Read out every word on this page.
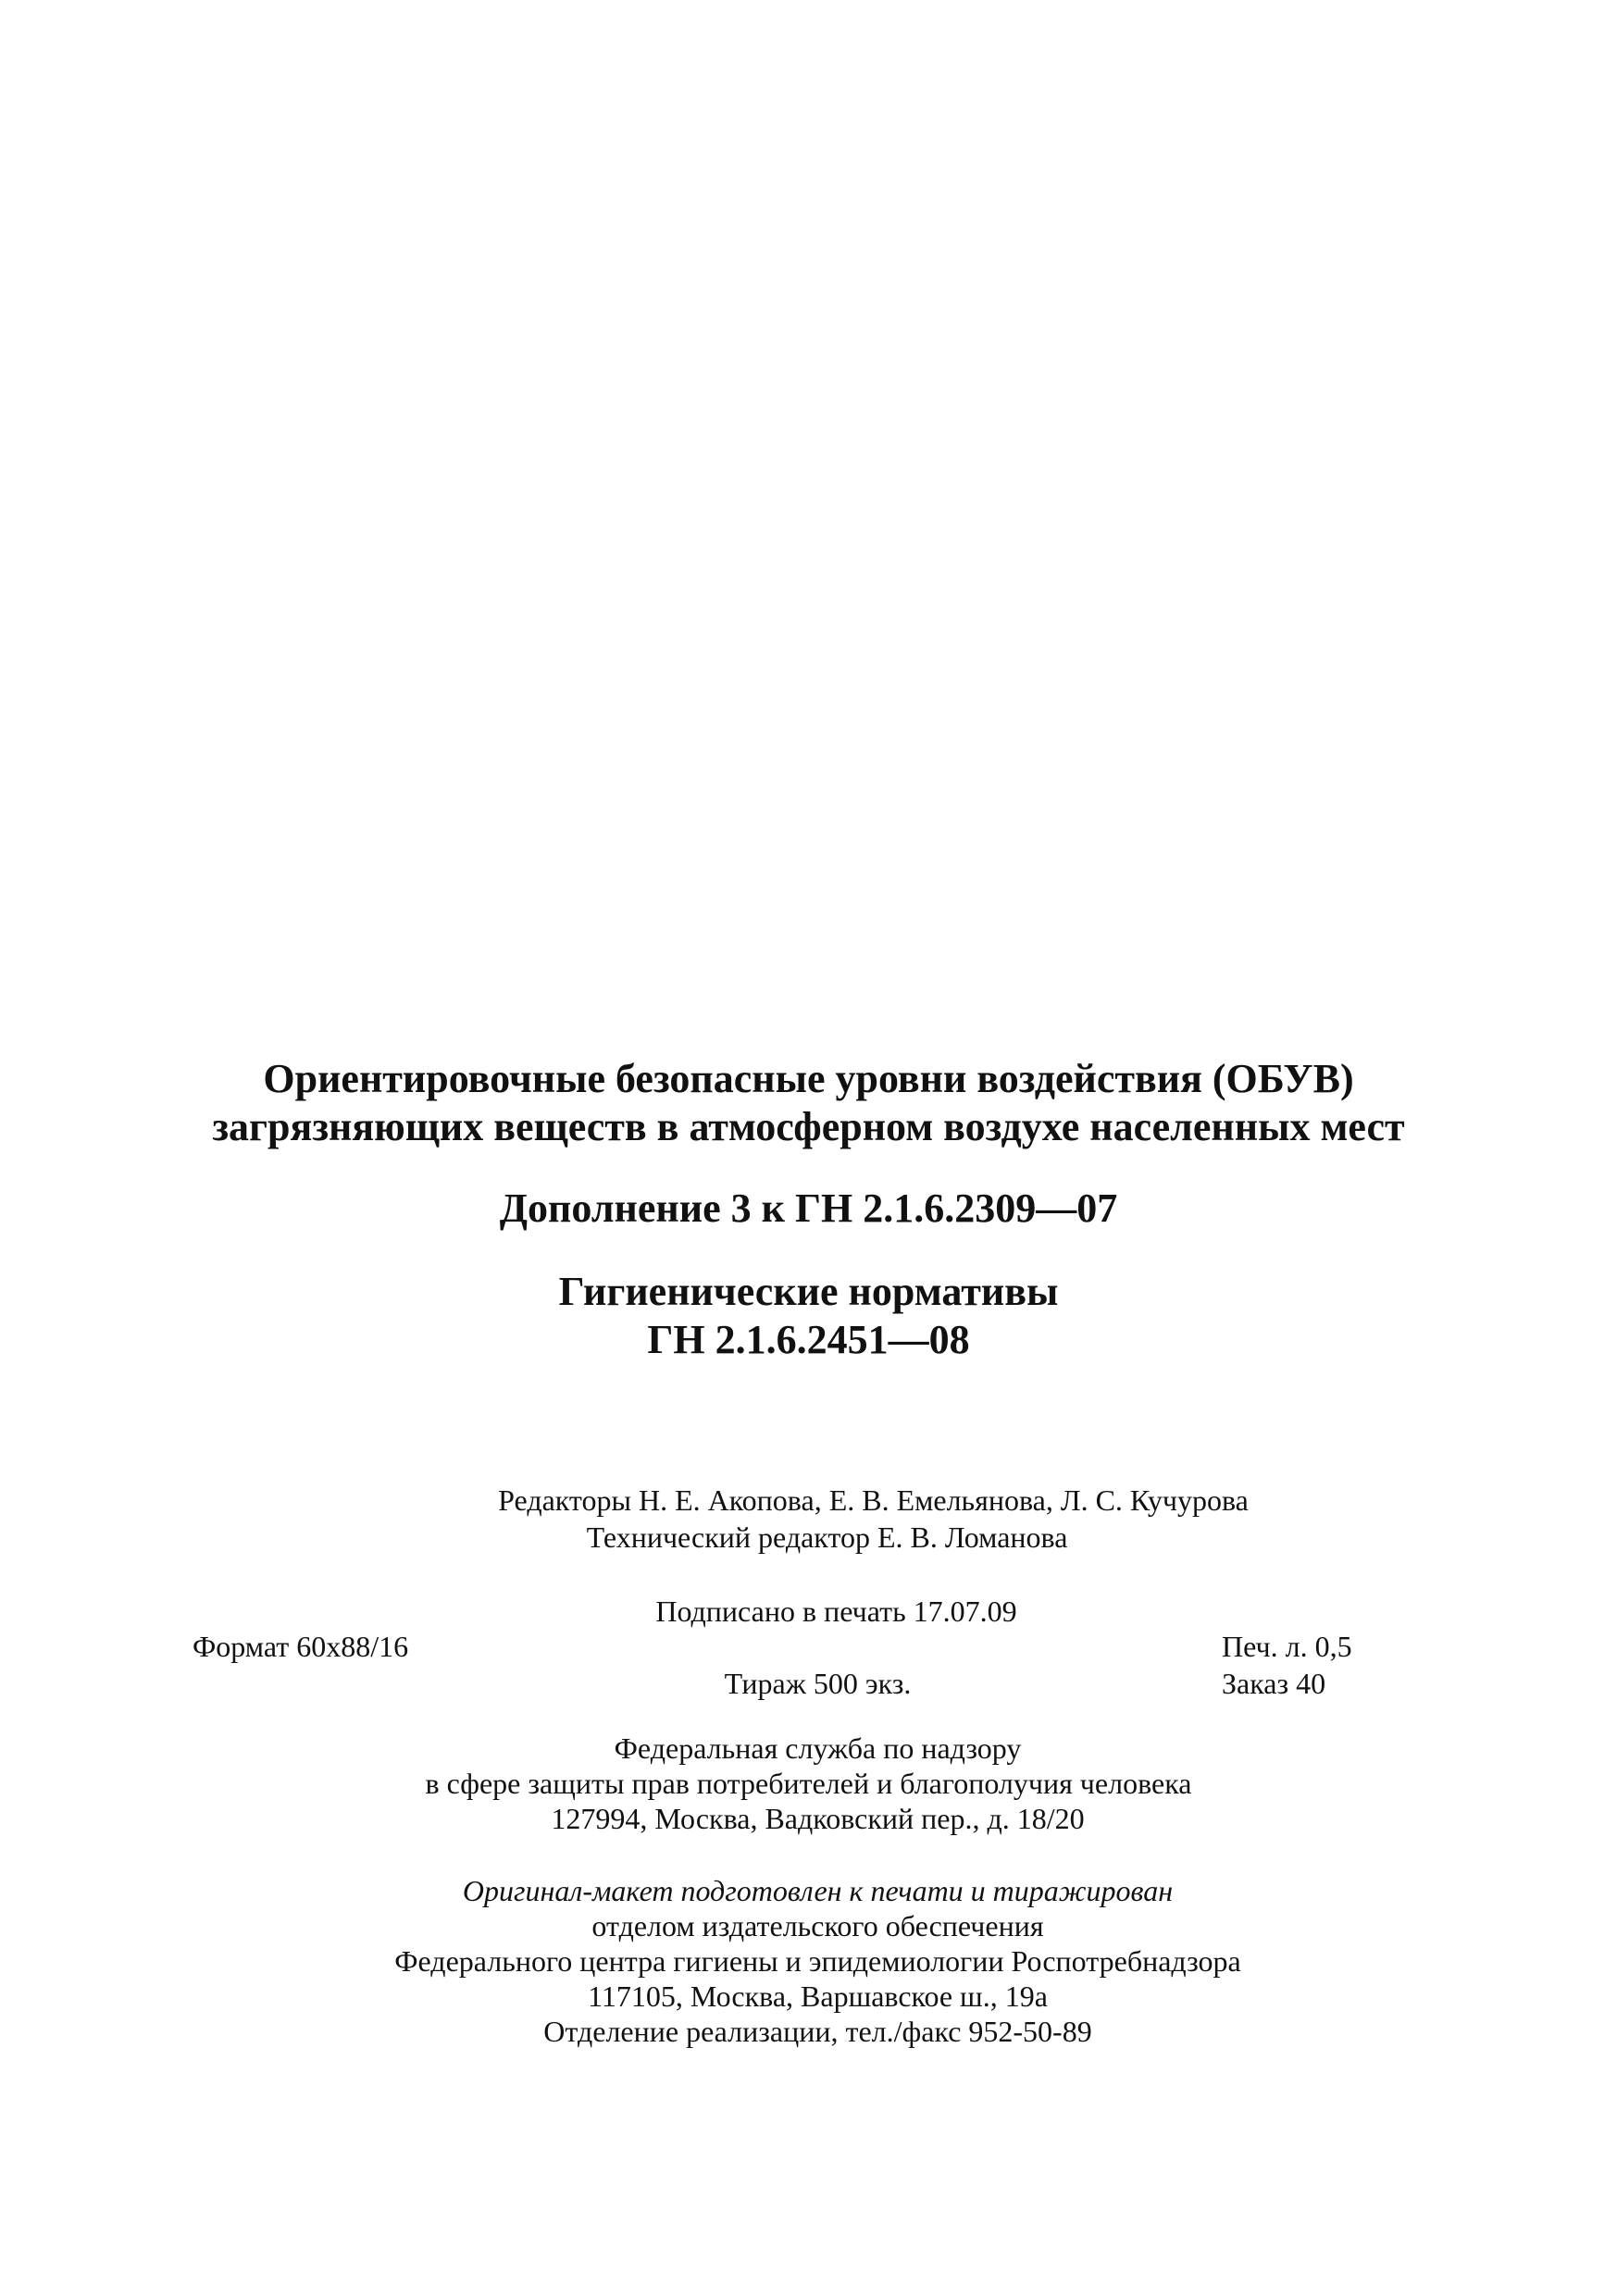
Ориентировочные безопасные уровни воздействия (ОБУВ)
загрязняющих веществ в атмосферном воздухе населенных мест
Дополнение 3 к ГН 2.1.6.2309—07
Гигиенические нормативы
ГН 2.1.6.2451—08
Редакторы Н. Е. Акопова, Е. В. Емельянова, Л. С. Кучурова
Технический редактор Е. В. Ломанова
Подписано в печать 17.07.09
Формат 60x88/16	Печ. л. 0,5
Тираж 500 экз.	Заказ 40
Федеральная служба по надзору
в сфере защиты прав потребителей и благополучия человека
127994, Москва, Вадковский пер., д. 18/20
Оригинал-макет подготовлен к печати и тиражирован
отделом издательского обеспечения
Федерального центра гигиены и эпидемиологии Роспотребнадзора
117105, Москва, Варшавское ш., 19а
Отделение реализации, тел./факс 952-50-89
